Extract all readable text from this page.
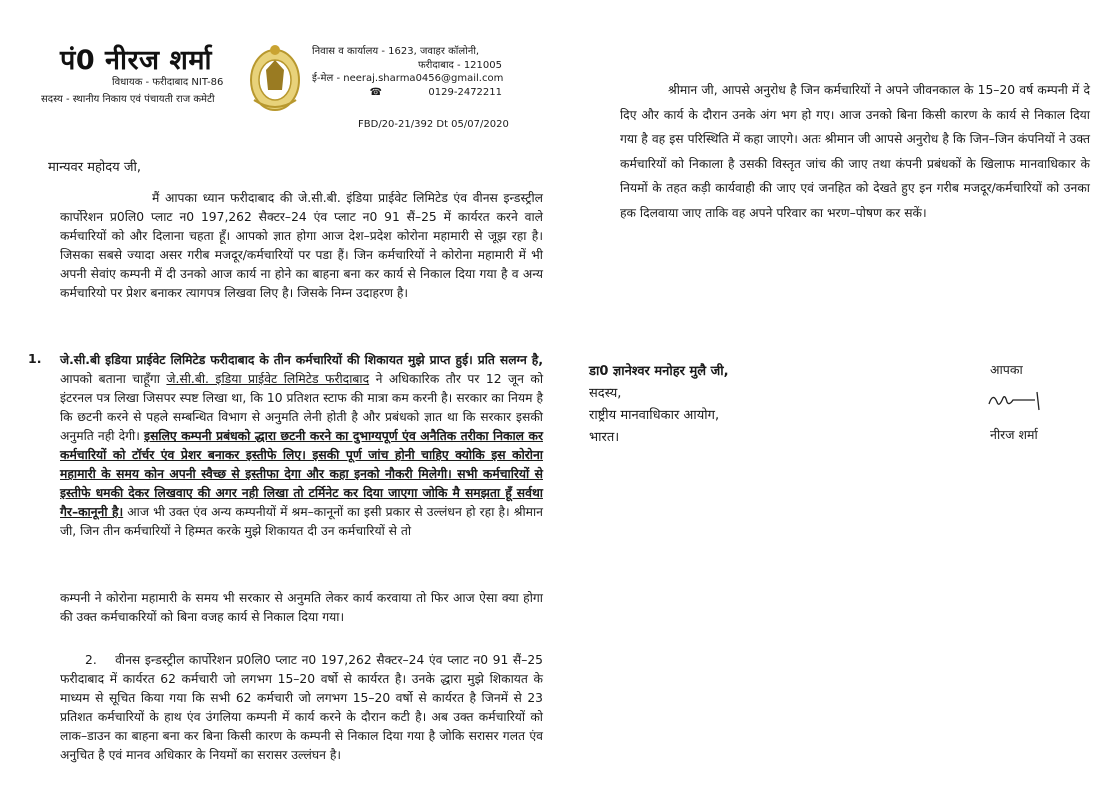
पं0 नीरज शर्मा
विधायक - फरीदाबाद NIT-86
सदस्य - स्थानीय निकाय एवं पंचायती राज कमेटी
निवास व कार्यालय - 1623, जवाहर कॉलोनी,
फरीदाबाद - 121005
ई-मेल - neeraj.sharma0456@gmail.com
☎	0129-2472211
FBD/20-21/392 Dt 05/07/2020
मान्यवर महोदय जी,

मैं आपका ध्यान फरीदाबाद की जे.सी.बी. इंडिया प्राईवेट लिमिटेड एंव वीनस इन्डस्ट्रील कार्पोरेशन प्र0लि0 प्लाट न0 197,262 सैक्टर–24 एंव प्लाट न0 91 सैं–25 में कार्यरत करने वाले कर्मचारियों को और दिलाना चहता हूँ। आपको ज्ञात होगा आज देश–प्रदेश कोरोना महामारी से जूझ रहा है। जिसका सबसे ज्यादा असर गरीब मजदूर/कर्मचारियों पर पडा हैं। जिन कर्मचारियों ने कोरोना महामारी में भी अपनी सेवांए कम्पनी में दी उनको आज कार्य ना होने का बाहना बना कर कार्य से निकाल दिया गया है व अन्य कर्मचारियो पर प्रेशर बनाकर त्यागपत्र लिखवा लिए है। जिसके निम्न उदाहरण है।

1. जे.सी.बी इडिया प्राईवेट लिमिटेड फरीदाबाद के तीन कर्मचारियों की शिकायत मुझे प्राप्त हुई। प्रति सलग्न है, आपको बताना चाहूँगा जे.सी.बी. इडिया प्राईवेट लिमिटेड फरीदाबाद ने अधिकारिक तौर पर 12 जून को इंटरनल पत्र लिखा जिसपर स्पष्ट लिखा था, कि 10 प्रतिशत स्टाफ की मात्रा कम करनी है। सरकार का नियम है कि छटनी करने से पहले सम्बन्धित विभाग से अनुमति लेनी होती है और प्रबंधको ज्ञात था कि सरकार इसकी अनुमति नही देगी। इसलिए कम्पनी प्रबंधको द्धारा छटनी करने का दुभाग्यपूर्ण एंव अनैतिक तरीका निकाल कर कर्मचारियों को टॉर्चर एंव प्रेशर बनाकर इस्तीफे लिए। इसकी पूर्ण जांच होनी चाहिए क्योकि इस कोरोना महामारी के समय कोन अपनी स्वैच्छ से इस्तीफा देगा और कहा इनको नौकरी मिलेगी। सभी कर्मचारियों से इस्तीफे धमकी देकर लिखवाए की अगर नही लिखा तो टर्मिनेट कर दिया जाएगा जोकि मै समझता हूँ सर्वथा गैर–कानूनी है। आज भी उक्त एंव अन्य कम्पनीयों में श्रम–कानूनों का इसी प्रकार से उल्लंधन हो रहा है। श्रीमान जी, जिन तीन कर्मचारियों ने हिम्मत करके मुझे शिकायत दी उन कर्मचारियों से तो

कम्पनी ने कोरोना महामारी के समय भी सरकार से अनुमति लेकर कार्य करवाया तो फिर आज ऐसा क्या होगा की उक्त कर्मचाकरियों को बिना वजह कार्य से निकाल दिया गया।

2. वीनस इन्डस्ट्रील कार्पोरेशन प्र0लि0 प्लाट न0 197,262 सैक्टर–24 एंव प्लाट न0 91 सैं–25 फरीदाबाद में कार्यरत 62 कर्मचारी जो लगभग 15–20 वर्षो से कार्यरत है। उनके द्धारा मुझे शिकायत के माध्यम से सूचित किया गया कि सभी 62 कर्मचारी जो लगभग 15–20 वर्षो से कार्यरत है जिनमें से 23 प्रतिशत कर्मचारियों के हाथ एंव उंगलिया कम्पनी में कार्य करने के दौरान कटी है। अब उक्त कर्मचारियों को लाक–डाउन का बाहना बना कर बिना किसी कारण के कम्पनी से निकाल दिया गया है जोकि सरासर गलत एंव अनुचित है एवं मानव अधिकार के नियमों का सरासर उल्लंघन है।

श्रीमान जी, आपसे अनुरोध है जिन कर्मचारियों ने अपने जीवनकाल के 15–20 वर्ष कम्पनी में दे दिए और कार्य के दौरान उनके अंग भग हो गए। आज उनको बिना किसी कारण के कार्य से निकाल दिया गया है वह इस परिस्थिति में कहा जाएगे। अतः श्रीमान जी आपसे अनुरोध है कि जिन–जिन कंपनियों ने उक्त कर्मचारियों को निकाला है उसकी विस्तृत जांच की जाए तथा कंपनी प्रबंधकों के खिलाफ मानवाधिकार के नियमों के तहत कड़ी कार्यवाही की जाए एवं जनहित को देखते हुए इन गरीब मजदूर/कर्मचारियों को उनका हक दिलवाया जाए ताकि वह अपने परिवार का भरण–पोषण कर सकें।

डा0 ज्ञानेश्वर मनोहर मुलै जी,
सदस्य,
राष्ट्रीय मानवाधिकार आयोग,
भारत।
आपका
नीरज शर्मा
